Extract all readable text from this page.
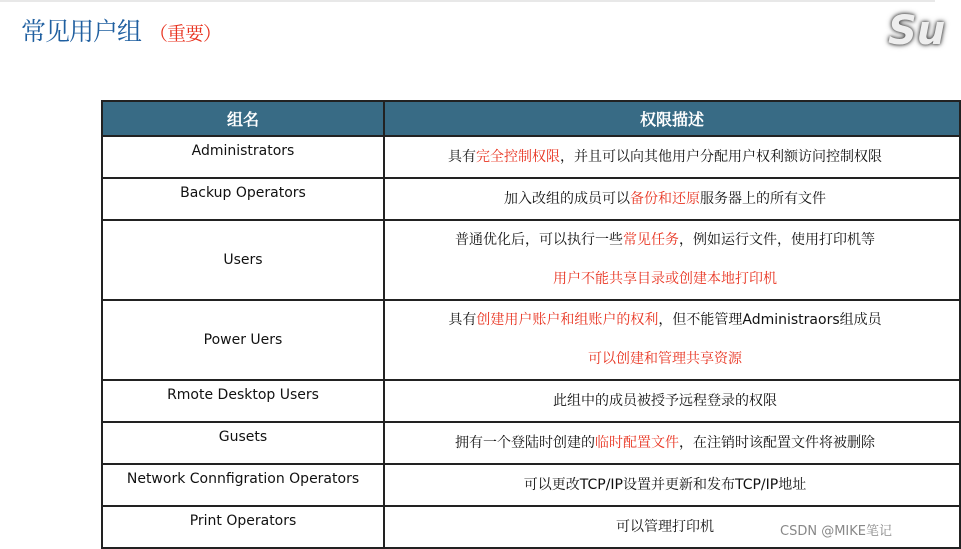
常见用户组 （重要）	Su
组名	权限描述
Administrators	具有完全控制权限，并且可以向其他用户分配用户权利额访问控制权限

Backup Operators	加入改组的成员可以备份和还原服务器上的所有文件

Users	普通优化后，可以执行一些常见任务，例如运行文件，使用打印机等
用户不能共享目录或创建本地打印机

Power Uers	具有创建用户账户和组账户的权利，但不能管理Administraors组成员
可以创建和管理共享资源

Rmote Desktop Users	此组中的成员被授予远程登录的权限

Gusets	拥有一个登陆时创建的临时配置文件，在注销时该配置文件将被删除

Network Connfigration Operators	可以更改TCP/IP设置并更新和发布TCP/IP地址

Print Operators	可以管理打印机	CSDN @MIKE笔记
